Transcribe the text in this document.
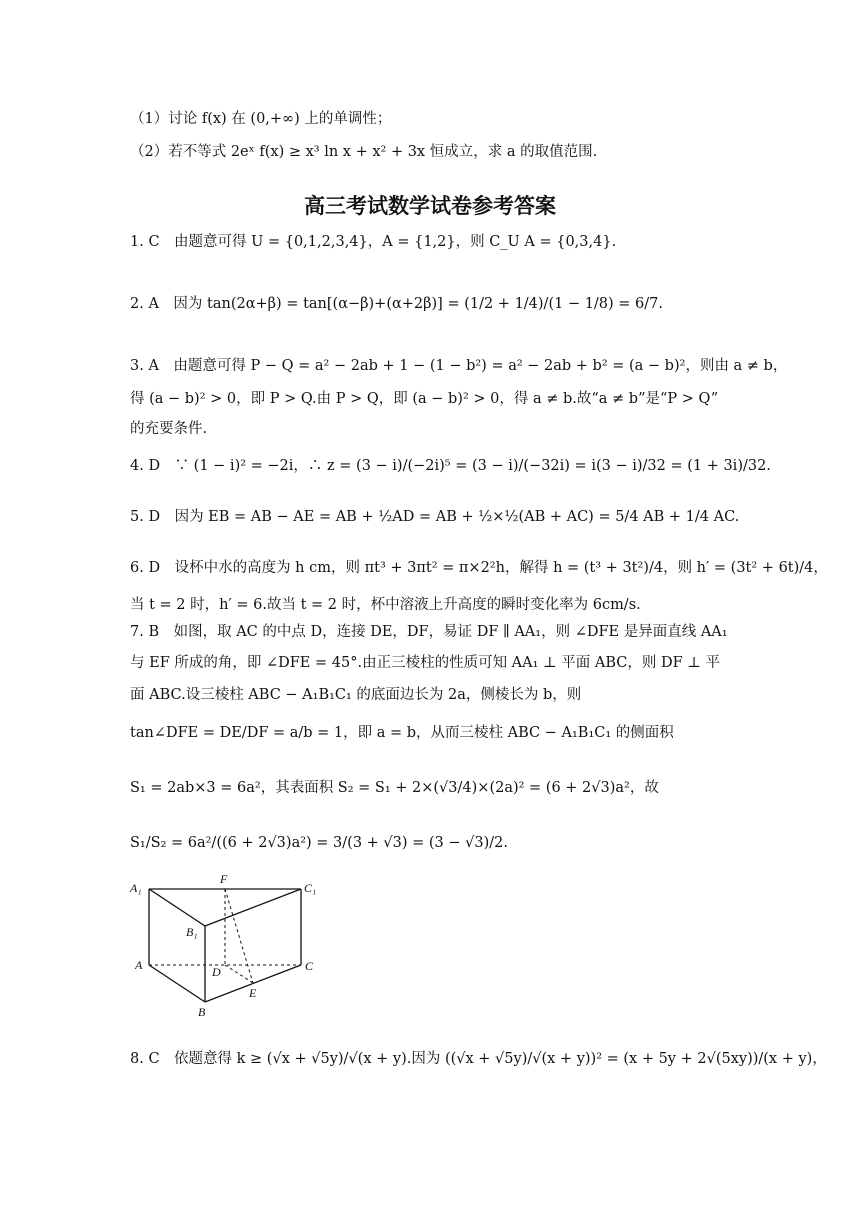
（1）讨论 f(x) 在 (0,+∞) 上的单调性；
（2）若不等式 2eˣ f(x) ≥ x³ ln x + x² + 3x 恒成立，求 a 的取值范围.
高三考试数学试卷参考答案
1. C　由题意可得 U = {0,1,2,3,4}，A = {1,2}，则 C_U A = {0,3,4}.
2. A　因为 tan(2α+β) = tan[(α−β)+(α+2β)] = (1/2 + 1/4)/(1 − 1/8) = 6/7.
3. A　由题意可得 P − Q = a² − 2ab + 1 − (1 − b²) = a² − 2ab + b² = (a − b)²，则由 a ≠ b，
得 (a − b)² > 0，即 P > Q.由 P > Q，即 (a − b)² > 0，得 a ≠ b.故“a ≠ b”是“P > Q”
的充要条件.
4. D　∵ (1 − i)² = −2i，∴ z = (3 − i)/(−2i)⁵ = (3 − i)/(−32i) = i(3 − i)/32 = (1 + 3i)/32.
5. D　因为 EB = AB − AE = AB + ½AD = AB + ½×½(AB + AC) = 5/4 AB + 1/4 AC.
6. D　设杯中水的高度为 h cm，则 πt³ + 3πt² = π×2²h，解得 h = (t³ + 3t²)/4，则 h′ = (3t² + 6t)/4，
当 t = 2 时，h′ = 6.故当 t = 2 时，杯中溶液上升高度的瞬时变化率为 6cm/s.
7. B　如图，取 AC 的中点 D，连接 DE，DF，易证 DF ∥ AA₁，则 ∠DFE 是异面直线 AA₁
与 EF 所成的角，即 ∠DFE = 45°.由正三棱柱的性质可知 AA₁ ⊥ 平面 ABC，则 DF ⊥ 平
面 ABC.设三棱柱 ABC − A₁B₁C₁ 的底面边长为 2a，侧棱长为 b，则
tan∠DFE = DE/DF = a/b = 1，即 a = b，从而三棱柱 ABC − A₁B₁C₁ 的侧面积
S₁ = 2ab×3 = 6a²，其表面积 S₂ = S₁ + 2×(√3/4)×(2a)² = (6 + 2√3)a²，故
S₁/S₂ = 6a²/((6 + 2√3)a²) = 3/(3 + √3) = (3 − √3)/2.
A₁
F
C₁
B₁
A	D	C
E
B
8. C　依题意得 k ≥ (√x + √5y)/√(x + y).因为 ((√x + √5y)/√(x + y))² = (x + 5y + 2√(5xy))/(x + y)，
